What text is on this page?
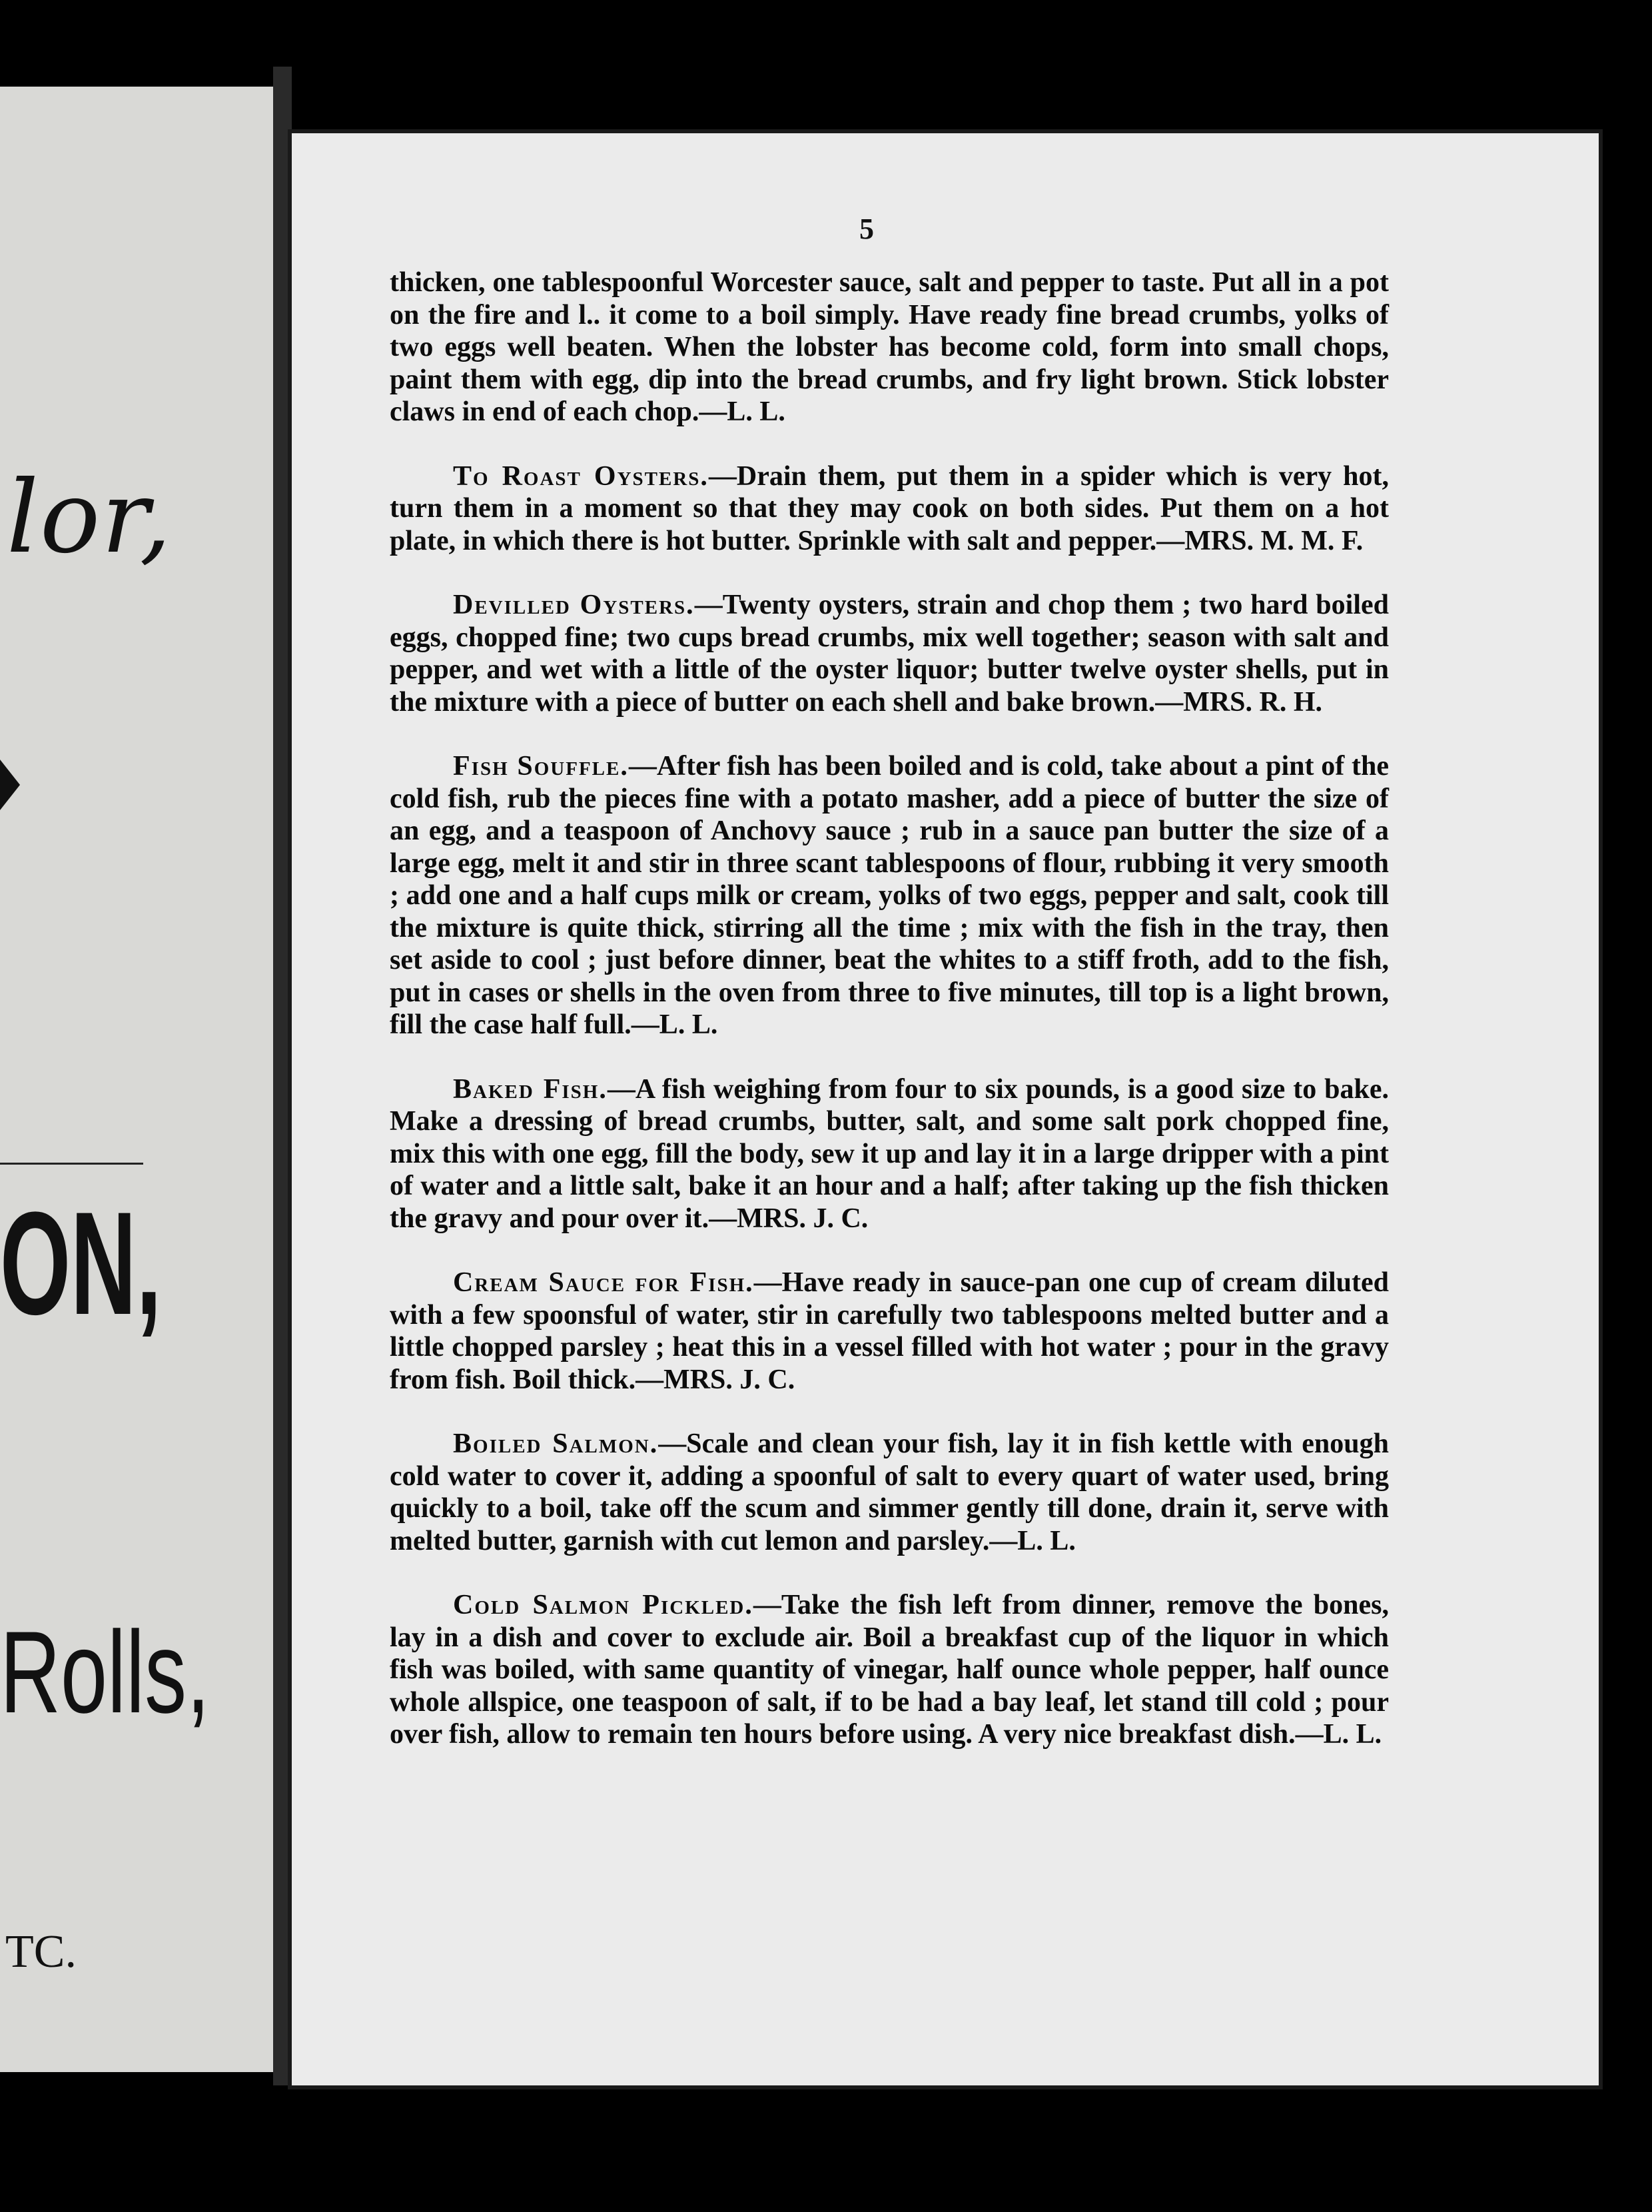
lor,
ON,
Rolls,
TC.
5

thicken, one tablespoonful Worcester sauce, salt and pepper to taste. Put all in a pot on the fire and l.. it come to a boil simply. Have ready fine bread crumbs, yolks of two eggs well beaten. When the lobster has become cold, form into small chops, paint them with egg, dip into the bread crumbs, and fry light brown. Stick lobster claws in end of each chop.—L. L.

To Roast Oysters.—Drain them, put them in a spider which is very hot, turn them in a moment so that they may cook on both sides. Put them on a hot plate, in which there is hot butter. Sprinkle with salt and pepper.—MRS. M. M. F.

Devilled Oysters.—Twenty oysters, strain and chop them ; two hard boiled eggs, chopped fine; two cups bread crumbs, mix well together; season with salt and pepper, and wet with a little of the oyster liquor; butter twelve oyster shells, put in the mixture with a piece of butter on each shell and bake brown.—MRS. R. H.

Fish Souffle.—After fish has been boiled and is cold, take about a pint of the cold fish, rub the pieces fine with a potato masher, add a piece of butter the size of an egg, and a teaspoon of Anchovy sauce ; rub in a sauce pan butter the size of a large egg, melt it and stir in three scant tablespoons of flour, rubbing it very smooth ; add one and a half cups milk or cream, yolks of two eggs, pepper and salt, cook till the mixture is quite thick, stirring all the time ; mix with the fish in the tray, then set aside to cool ; just before dinner, beat the whites to a stiff froth, add to the fish, put in cases or shells in the oven from three to five minutes, till top is a light brown, fill the case half full.—L. L.

Baked Fish.—A fish weighing from four to six pounds, is a good size to bake. Make a dressing of bread crumbs, butter, salt, and some salt pork chopped fine, mix this with one egg, fill the body, sew it up and lay it in a large dripper with a pint of water and a little salt, bake it an hour and a half; after taking up the fish thicken the gravy and pour over it.—MRS. J. C.

Cream Sauce for Fish.—Have ready in sauce-pan one cup of cream diluted with a few spoonsful of water, stir in carefully two tablespoons melted butter and a little chopped parsley ; heat this in a vessel filled with hot water ; pour in the gravy from fish. Boil thick.—MRS. J. C.

Boiled Salmon.—Scale and clean your fish, lay it in fish kettle with enough cold water to cover it, adding a spoonful of salt to every quart of water used, bring quickly to a boil, take off the scum and simmer gently till done, drain it, serve with melted butter, garnish with cut lemon and parsley.—L. L.

Cold Salmon Pickled.—Take the fish left from dinner, remove the bones, lay in a dish and cover to exclude air. Boil a breakfast cup of the liquor in which fish was boiled, with same quantity of vinegar, half ounce whole pepper, half ounce whole allspice, one teaspoon of salt, if to be had a bay leaf, let stand till cold ; pour over fish, allow to remain ten hours before using. A very nice breakfast dish.—L. L.
